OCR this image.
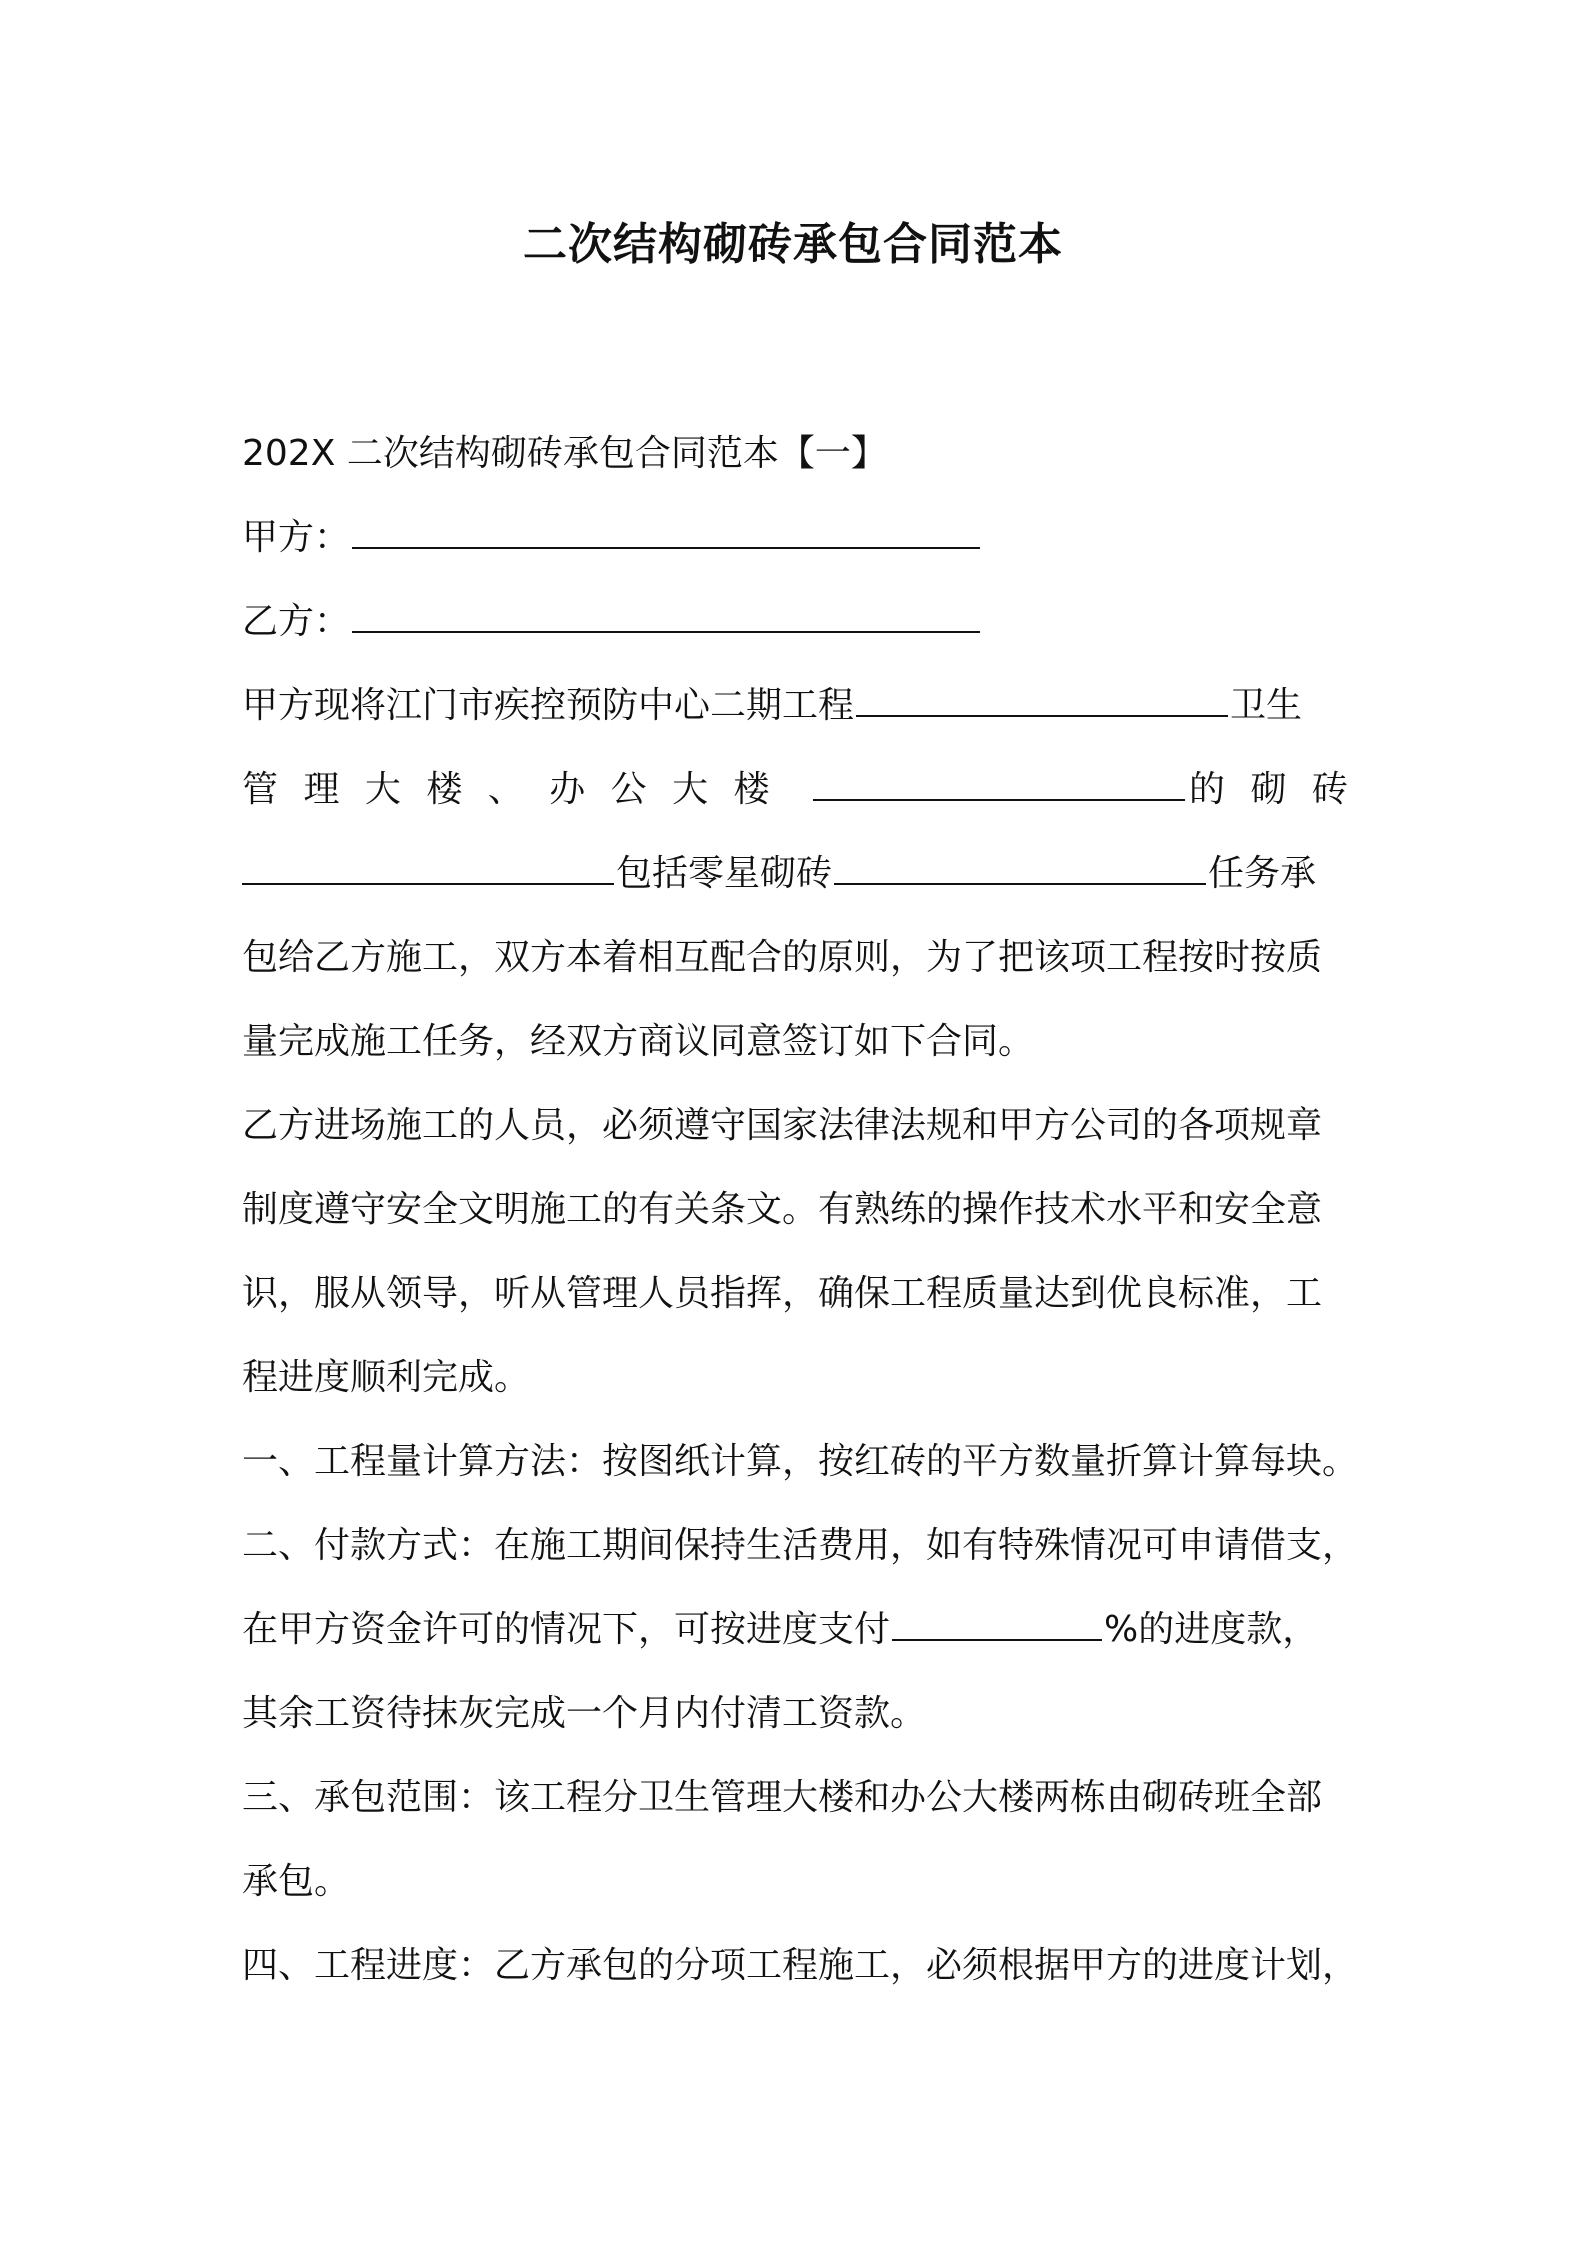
二次结构砌砖承包合同范本
202X 二次结构砌砖承包合同范本【一】
甲方：
乙方：
甲方现将江门市疾控预防中心二期工程	卫生
管 理 大 楼 、 办 公 大 楼	的 砌 砖
包括零星砌砖	任务承
包给乙方施工，双方本着相互配合的原则，为了把该项工程按时按质
量完成施工任务，经双方商议同意签订如下合同。
乙方进场施工的人员，必须遵守国家法律法规和甲方公司的各项规章
制度遵守安全文明施工的有关条文。有熟练的操作技术水平和安全意
识，服从领导，听从管理人员指挥，确保工程质量达到优良标准，工
程进度顺利完成。
一、工程量计算方法：按图纸计算，按红砖的平方数量折算计算每块。
二、付款方式：在施工期间保持生活费用，如有特殊情况可申请借支，
在甲方资金许可的情况下，可按进度支付	%的进度款，
其余工资待抹灰完成一个月内付清工资款。
三、承包范围：该工程分卫生管理大楼和办公大楼两栋由砌砖班全部
承包。
四、工程进度：乙方承包的分项工程施工，必须根据甲方的进度计划，
